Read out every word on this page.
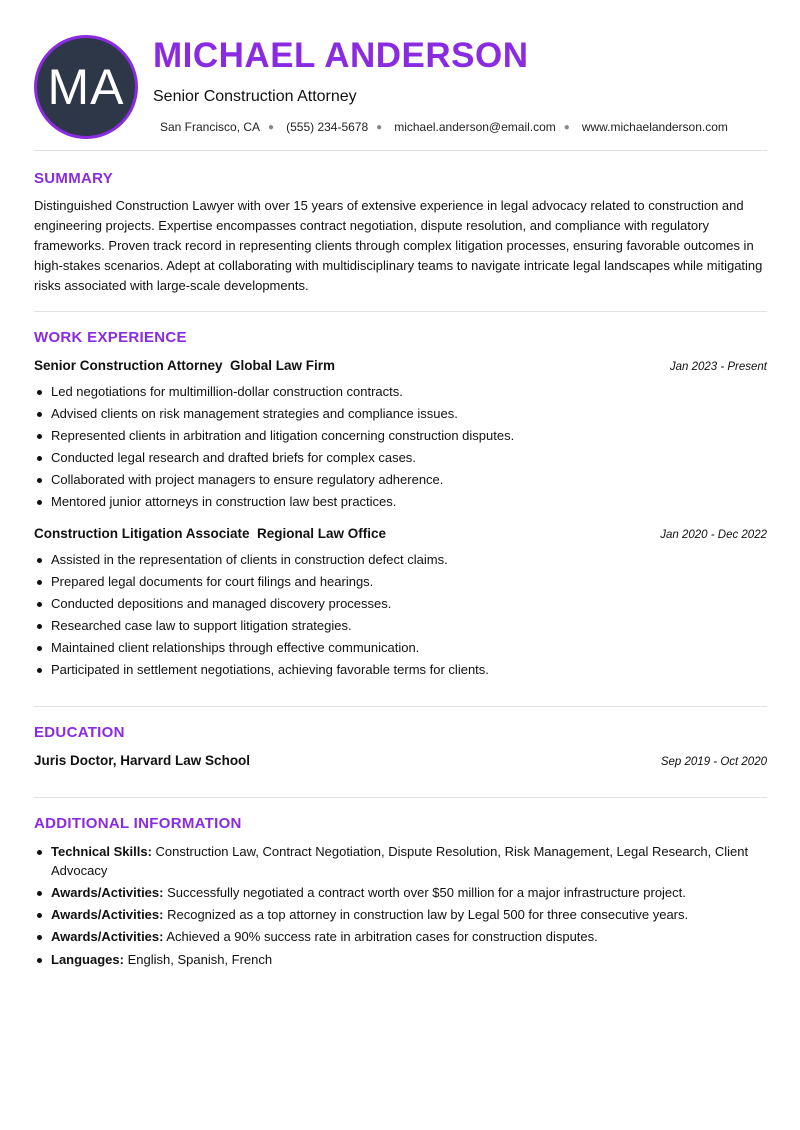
MA
MICHAEL ANDERSON
Senior Construction Attorney
San Francisco, CA ● (555) 234-5678 ● michael.anderson@email.com ● www.michaelanderson.com
SUMMARY

Distinguished Construction Lawyer with over 15 years of extensive experience in legal advocacy related to construction and engineering projects. Expertise encompasses contract negotiation, dispute resolution, and compliance with regulatory frameworks. Proven track record in representing clients through complex litigation processes, ensuring favorable outcomes in high-stakes scenarios. Adept at collaborating with multidisciplinary teams to navigate intricate legal landscapes while mitigating risks associated with large-scale developments.

WORK EXPERIENCE
Senior Construction Attorney Global Law Firm	Jan 2023 - Present
Led negotiations for multimillion-dollar construction contracts.
Advised clients on risk management strategies and compliance issues.
Represented clients in arbitration and litigation concerning construction disputes.
Conducted legal research and drafted briefs for complex cases.
Collaborated with project managers to ensure regulatory adherence.
Mentored junior attorneys in construction law best practices.
Construction Litigation Associate Regional Law Office	Jan 2020 - Dec 2022
Assisted in the representation of clients in construction defect claims.
Prepared legal documents for court filings and hearings.
Conducted depositions and managed discovery processes.
Researched case law to support litigation strategies.
Maintained client relationships through effective communication.
Participated in settlement negotiations, achieving favorable terms for clients.
EDUCATION
Juris Doctor, Harvard Law School	Sep 2019 - Oct 2020
ADDITIONAL INFORMATION
Technical Skills: Construction Law, Contract Negotiation, Dispute Resolution, Risk Management, Legal Research, Client Advocacy
Awards/Activities: Successfully negotiated a contract worth over $50 million for a major infrastructure project.
Awards/Activities: Recognized as a top attorney in construction law by Legal 500 for three consecutive years.
Awards/Activities: Achieved a 90% success rate in arbitration cases for construction disputes.
Languages: English, Spanish, French
